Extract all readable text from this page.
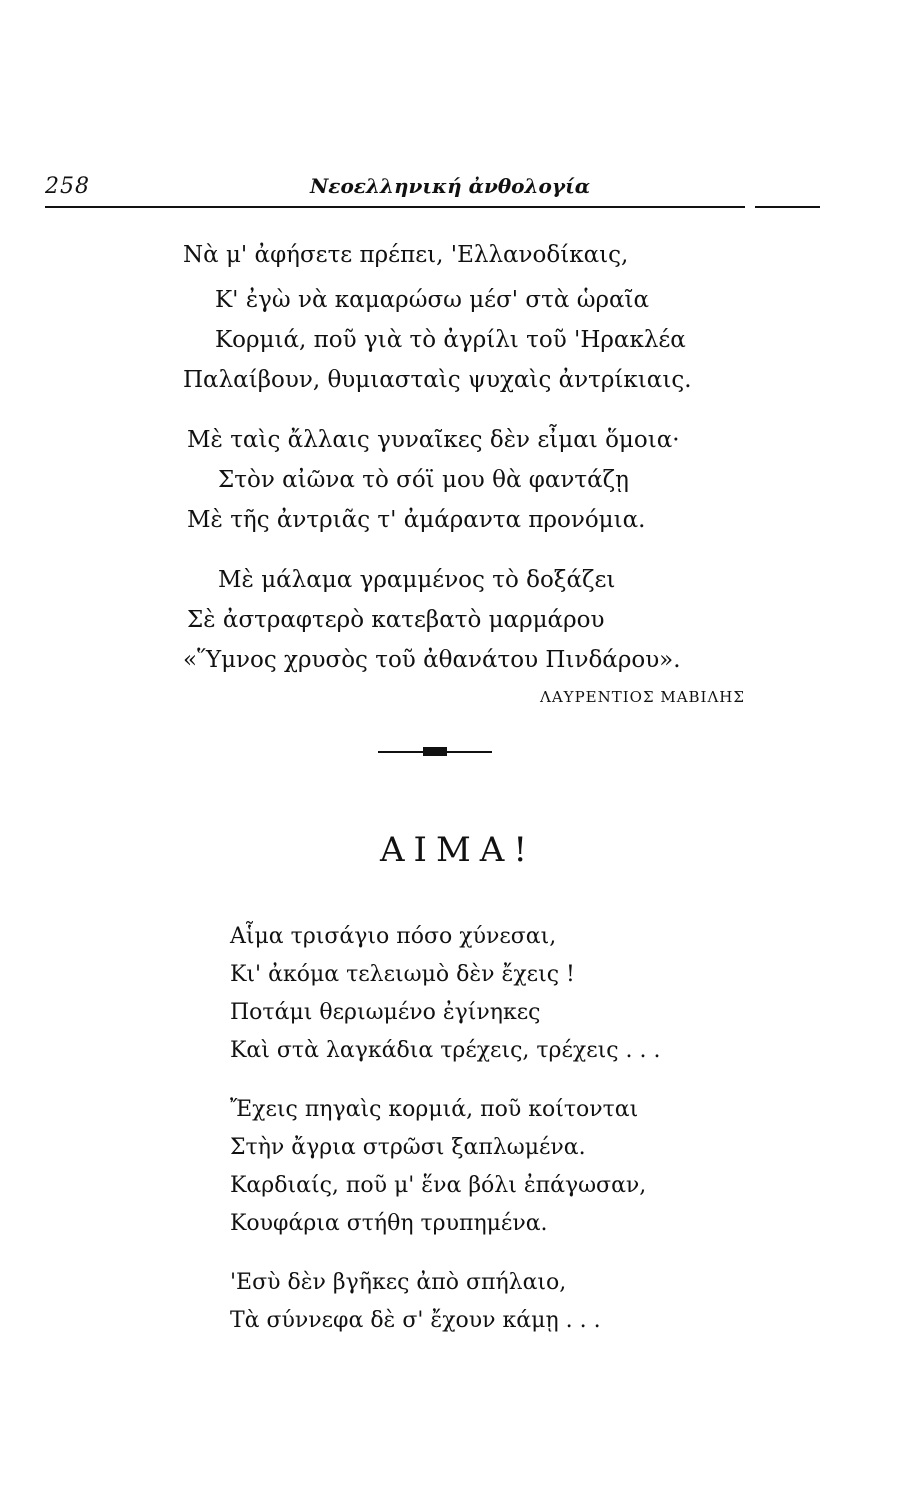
258	Νεοελληνική ἀνθολογία
Νὰ μ' ἀφήσετε πρέπει, 'Ελλανοδίκαις,
Κ' ἐγὼ νὰ καμαρώσω μέσ' στὰ ὡραῖα
Κορμιά, ποῦ γιὰ τὸ ἀγρίλι τοῦ 'Ηρακλέα
Παλαίβουν, θυμιασταὶς ψυχαὶς ἀντρίκιαις.
Μὲ ταὶς ἄλλαις γυναῖκες δὲν εἶμαι ὅμοια·
Στὸν αἰῶνα τὸ σόϊ μου θὰ φαντάζῃ
Μὲ τῆς ἀντριᾶς τ' ἀμάραντα προνόμια.
Μὲ μάλαμα γραμμένος τὸ δοξάζει
Σὲ ἀστραφτερὸ κατεβατὸ μαρμάρου
«Ὕμνος χρυσὸς τοῦ ἀθανάτου Πινδάρου».
ΛΑΥΡΕΝΤΙΟΣ ΜΑΒΙΛΗΣ
ΑΙΜΑ!
Αἷμα τρισάγιο πόσο χύνεσαι,
Κι' ἀκόμα τελειωμὸ δὲν ἔχεις !
Ποτάμι θεριωμένο ἐγίνηκες
Καὶ στὰ λαγκάδια τρέχεις, τρέχεις . . .
Ἔχεις πηγαὶς κορμιά, ποῦ κοίτονται
Στὴν ἄγρια στρῶσι ξαπλωμένα.
Καρδιαίς, ποῦ μ' ἕνα βόλι ἐπάγωσαν,
Κουφάρια στήθη τρυπημένα.
'Εσὺ δὲν βγῆκες ἀπὸ σπήλαιο,
Τὰ σύννεφα δὲ σ' ἔχουν κάμῃ . . .
